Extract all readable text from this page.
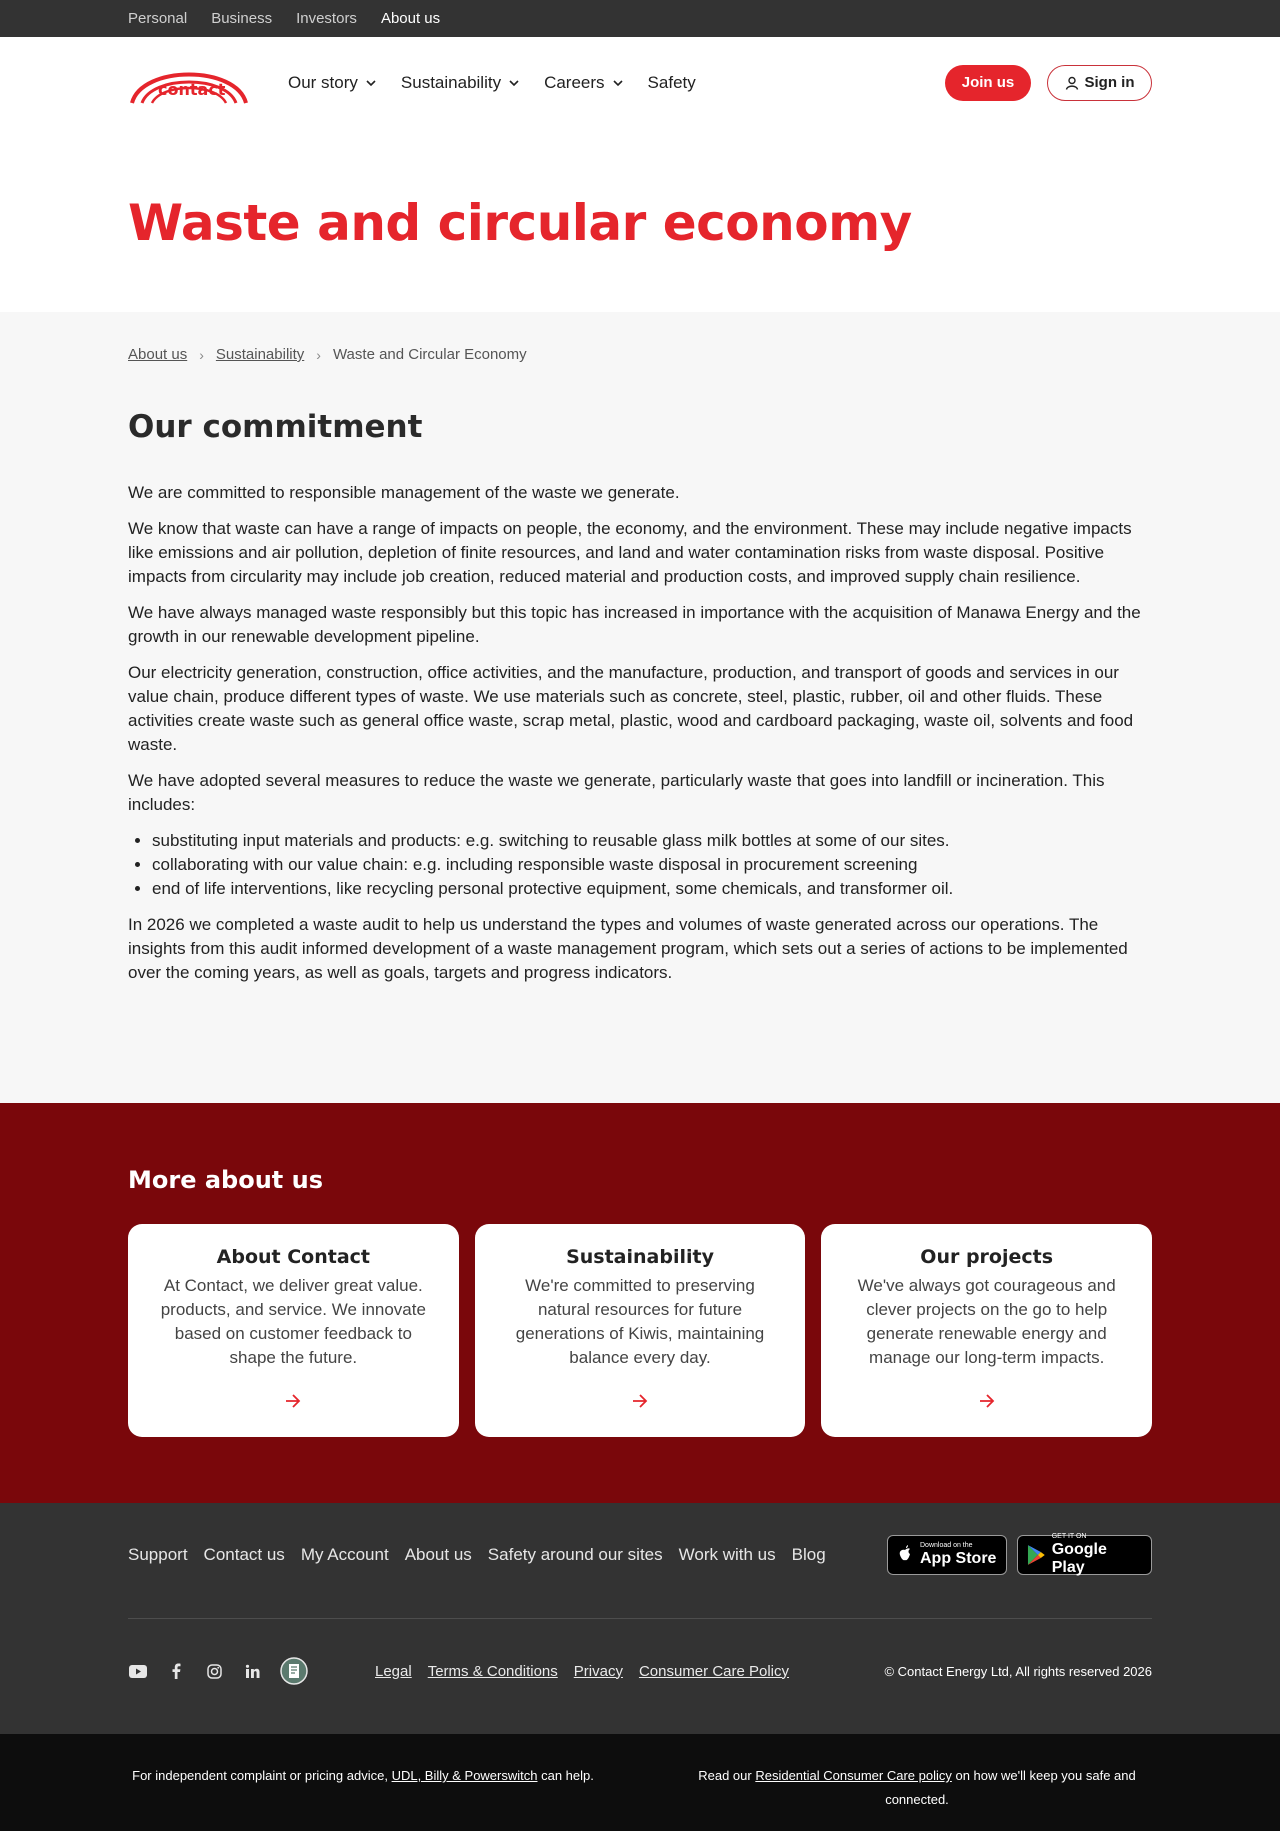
Personal Business Investors About us
contact	Our story	Sustainability	Careers	Safety	Join us	Sign in
Waste and circular economy
About us › Sustainability › Waste and Circular Economy
Our commitment

We are committed to responsible management of the waste we generate.

We know that waste can have a range of impacts on people, the economy, and the environment. These may include negative impacts like emissions and air pollution, depletion of finite resources, and land and water contamination risks from waste disposal. Positive impacts from circularity may include job creation, reduced material and production costs, and improved supply chain resilience.

We have always managed waste responsibly but this topic has increased in importance with the acquisition of Manawa Energy and the growth in our renewable development pipeline.

Our electricity generation, construction, office activities, and the manufacture, production, and transport of goods and services in our value chain, produce different types of waste. We use materials such as concrete, steel, plastic, rubber, oil and other fluids. These activities create waste such as general office waste, scrap metal, plastic, wood and cardboard packaging, waste oil, solvents and food waste.

We have adopted several measures to reduce the waste we generate, particularly waste that goes into landfill or incineration. This includes:

• substituting input materials and products: e.g. switching to reusable glass milk bottles at some of our sites.
• collaborating with our value chain: e.g. including responsible waste disposal in procurement screening
• end of life interventions, like recycling personal protective equipment, some chemicals, and transformer oil.

In 2026 we completed a waste audit to help us understand the types and volumes of waste generated across our operations. The insights from this audit informed development of a waste management program, which sets out a series of actions to be implemented over the coming years, as well as goals, targets and progress indicators.

More about us
About Contact
At Contact, we deliver great value. products, and service. We innovate based on customer feedback to shape the future.
Sustainability
We're committed to preserving natural resources for future generations of Kiwis, maintaining balance every day.
Our projects
We've always got courageous and clever projects on the go to help generate renewable energy and manage our long-term impacts.
Support Contact us My Account About us Safety around our sites Work with us Blog	Download on the
App Store
GET IT ON
Google Play
Legal Terms & Conditions Privacy Consumer Care Policy	© Contact Energy Ltd, All rights reserved 2026
For independent complaint or pricing advice, UDL, Billy & Powerswitch can help.	Read our Residential Consumer Care policy on how we'll keep you safe and connected.
